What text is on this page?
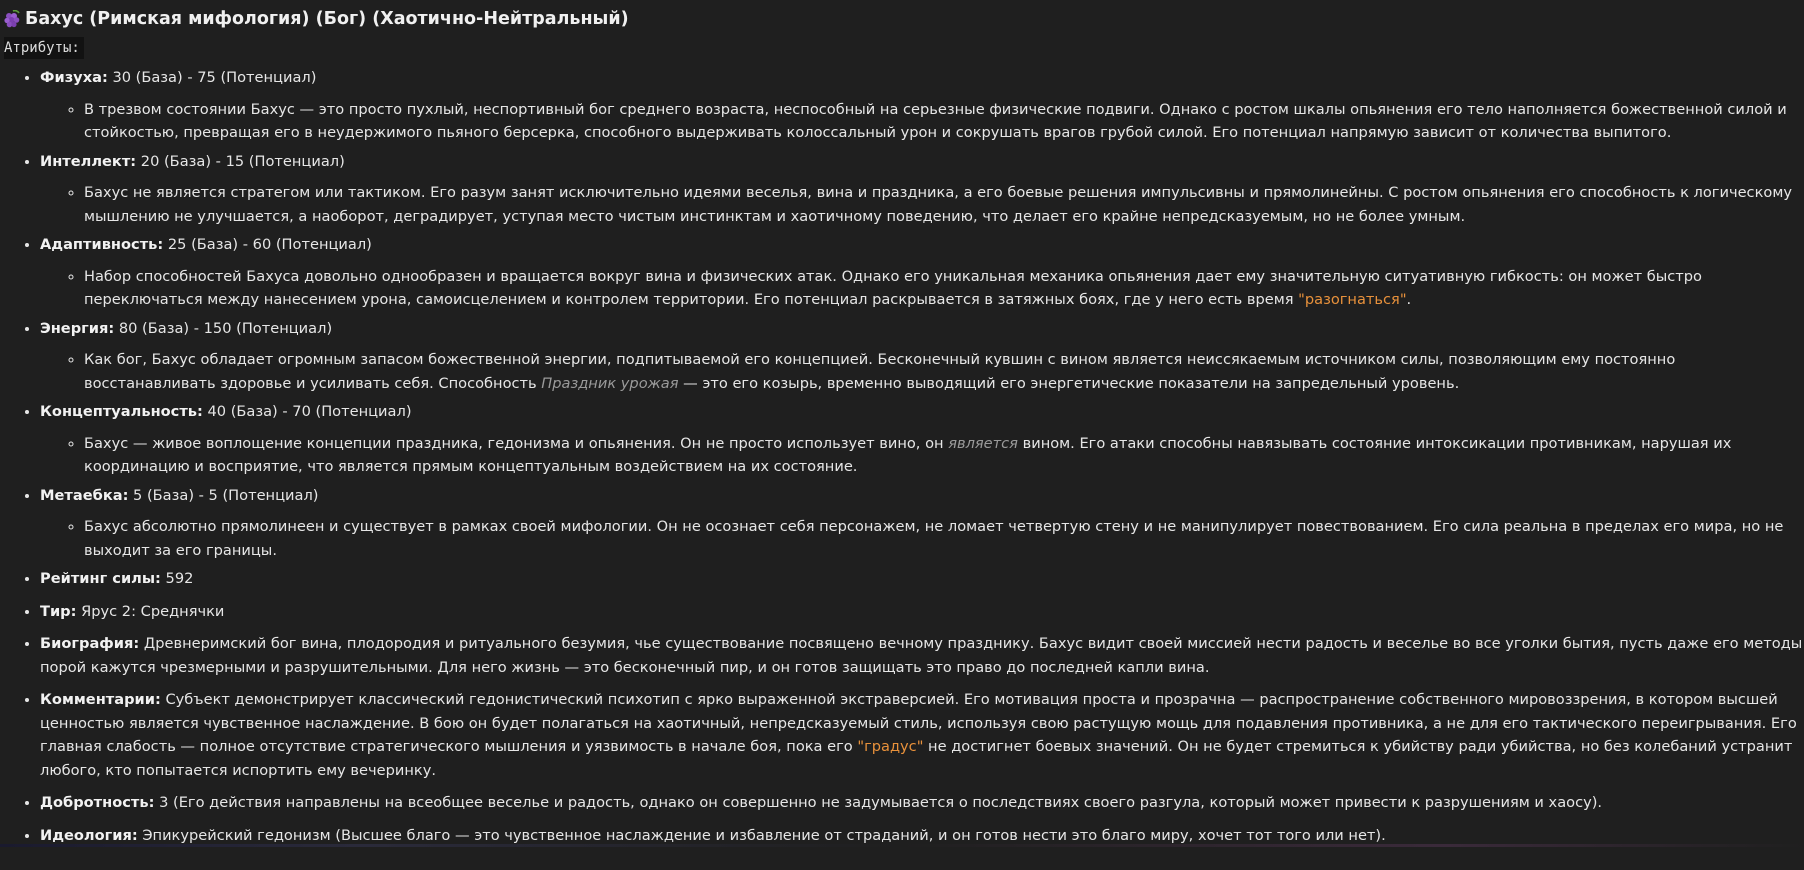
Бахус (Римская мифология) (Бог) (Хаотично-Нейтральный)
Атрибуты:
• Физуха: 30 (База) - 75 (Потенциал)
◦ В трезвом состоянии Бахус — это просто пухлый, неспортивный бог среднего возраста, неспособный на серьезные физические подвиги. Однако с ростом шкалы опьянения его тело наполняется божественной силой и стойкостью, превращая его в неудержимого пьяного берсерка, способного выдерживать колоссальный урон и сокрушать врагов грубой силой. Его потенциал напрямую зависит от количества выпитого.
• Интеллект: 20 (База) - 15 (Потенциал)
◦ Бахус не является стратегом или тактиком. Его разум занят исключительно идеями веселья, вина и праздника, а его боевые решения импульсивны и прямолинейны. С ростом опьянения его способность к логическому мышлению не улучшается, а наоборот, деградирует, уступая место чистым инстинктам и хаотичному поведению, что делает его крайне непредсказуемым, но не более умным.
• Адаптивность: 25 (База) - 60 (Потенциал)
◦ Набор способностей Бахуса довольно однообразен и вращается вокруг вина и физических атак. Однако его уникальная механика опьянения дает ему значительную ситуативную гибкость: он может быстро переключаться между нанесением урона, самоисцелением и контролем территории. Его потенциал раскрывается в затяжных боях, где у него есть время "разогнаться".
• Энергия: 80 (База) - 150 (Потенциал)
◦ Как бог, Бахус обладает огромным запасом божественной энергии, подпитываемой его концепцией. Бесконечный кувшин с вином является неиссякаемым источником силы, позволяющим ему постоянно восстанавливать здоровье и усиливать себя. Способность Праздник урожая — это его козырь, временно выводящий его энергетические показатели на запредельный уровень.
• Концептуальность: 40 (База) - 70 (Потенциал)
◦ Бахус — живое воплощение концепции праздника, гедонизма и опьянения. Он не просто использует вино, он является вином. Его атаки способны навязывать состояние интоксикации противникам, нарушая их координацию и восприятие, что является прямым концептуальным воздействием на их состояние.
• Метаебка: 5 (База) - 5 (Потенциал)
◦ Бахус абсолютно прямолинеен и существует в рамках своей мифологии. Он не осознает себя персонажем, не ломает четвертую стену и не манипулирует повествованием. Его сила реальна в пределах его мира, но не выходит за его границы.
• Рейтинг силы: 592
• Тир: Ярус 2: Среднячки
• Биография: Древнеримский бог вина, плодородия и ритуального безумия, чье существование посвящено вечному празднику. Бахус видит своей миссией нести радость и веселье во все уголки бытия, пусть даже его методы порой кажутся чрезмерными и разрушительными. Для него жизнь — это бесконечный пир, и он готов защищать это право до последней капли вина.
• Комментарии: Субъект демонстрирует классический гедонистический психотип с ярко выраженной экстраверсией. Его мотивация проста и прозрачна — распространение собственного мировоззрения, в котором высшей ценностью является чувственное наслаждение. В бою он будет полагаться на хаотичный, непредсказуемый стиль, используя свою растущую мощь для подавления противника, а не для его тактического переигрывания. Его главная слабость — полное отсутствие стратегического мышления и уязвимость в начале боя, пока его "градус" не достигнет боевых значений. Он не будет стремиться к убийству ради убийства, но без колебаний устранит любого, кто попытается испортить ему вечеринку.
• Добротность: 3 (Его действия направлены на всеобщее веселье и радость, однако он совершенно не задумывается о последствиях своего разгула, который может привести к разрушениям и хаосу).
• Идеология: Эпикурейский гедонизм (Высшее благо — это чувственное наслаждение и избавление от страданий, и он готов нести это благо миру, хочет тот того или нет).
